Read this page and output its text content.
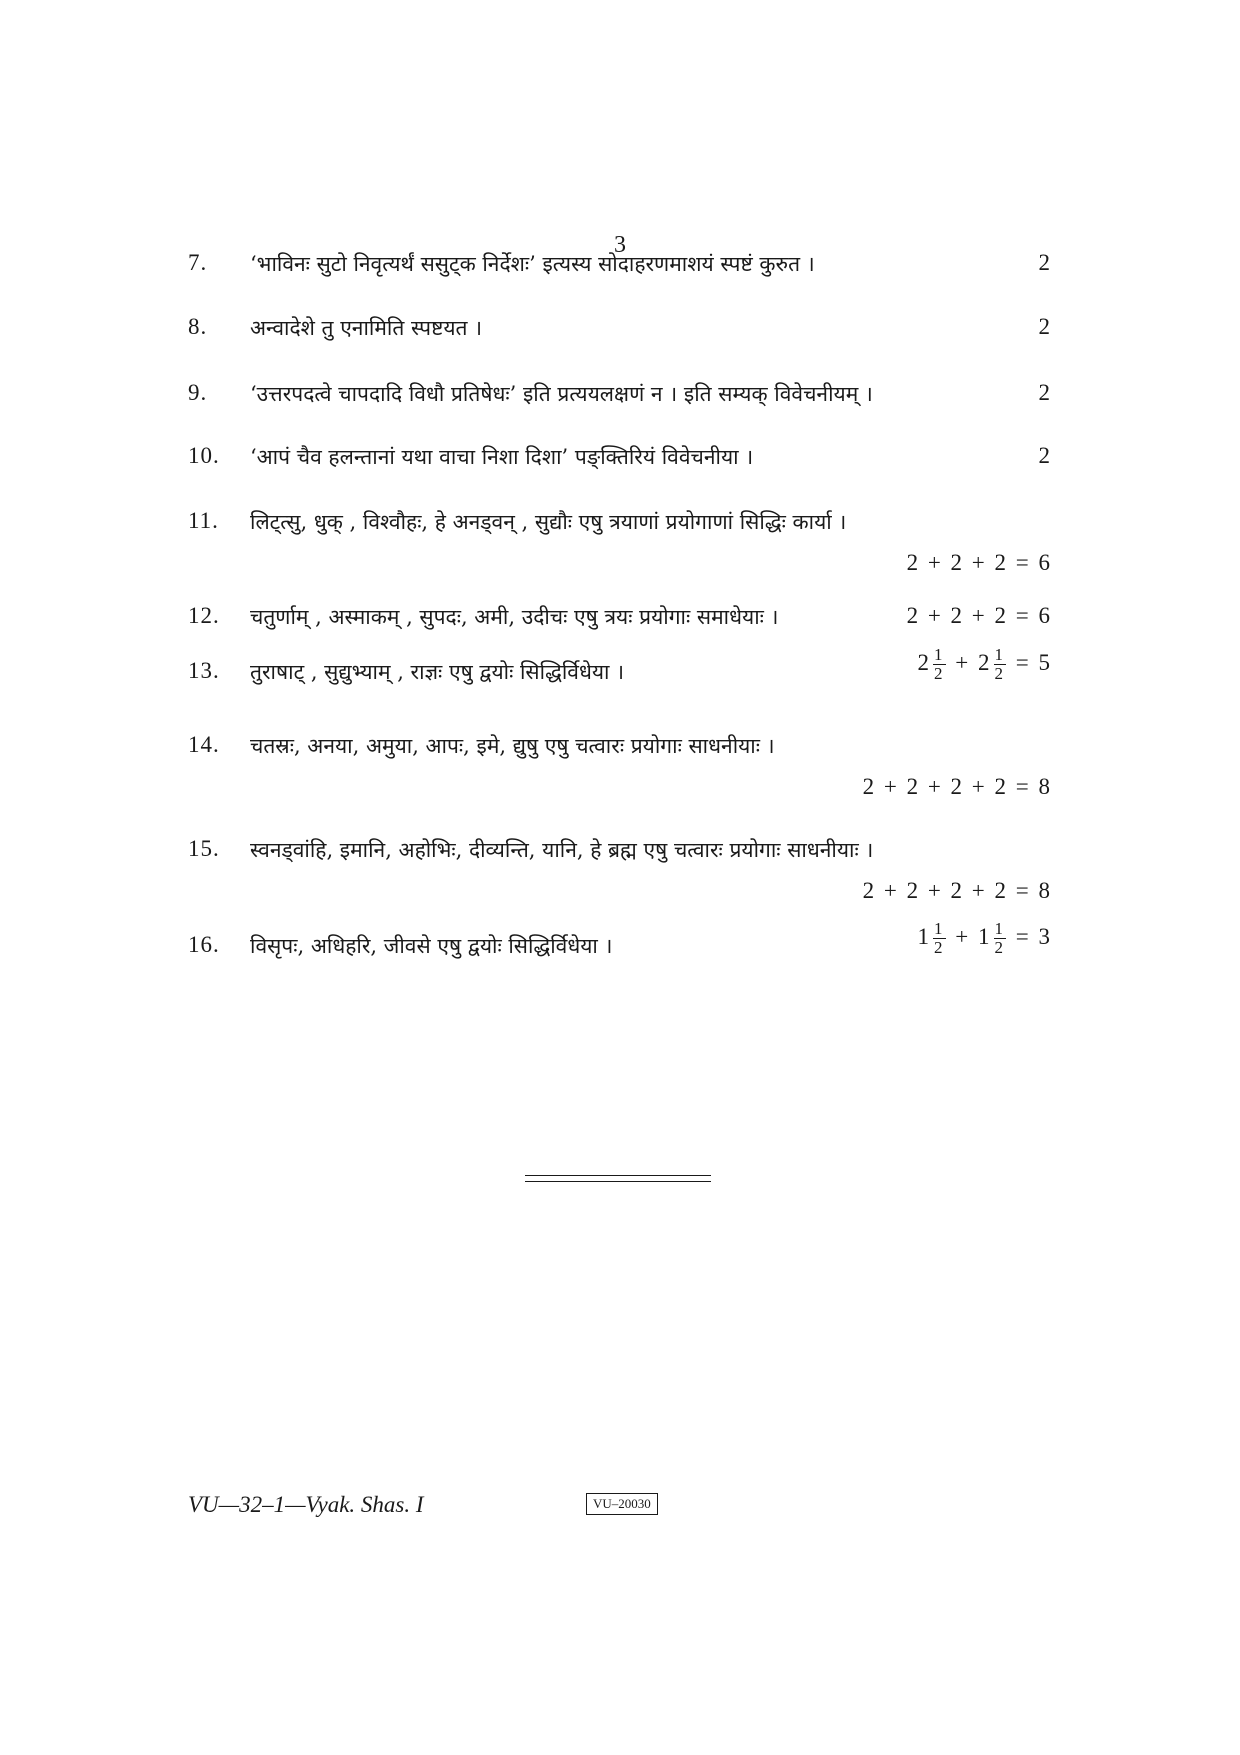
3
7. ‘भाविनः सुटो निवृत्यर्थं ससुट्क निर्देशः’ इत्यस्य सोदाहरणमाशयं स्पष्टं कुरुत ।	2
8. अन्वादेशे तु एनामिति स्पष्टयत ।	2
9. ‘उत्तरपदत्वे चापदादि विधौ प्रतिषेधः’ इति प्रत्ययलक्षणं न । इति सम्यक् विवेचनीयम् ।	2
10. ‘आपं चैव हलन्तानां यथा वाचा निशा दिशा’ पङ्क्तिरियं विवेचनीया ।	2
11. लिट्त्सु, धुक् , विश्वौहः, हे अनड्वन् , सुद्यौः एषु त्रयाणां प्रयोगाणां सिद्धिः कार्या ।
2 + 2 + 2 = 6
12. चतुर्णाम् , अस्माकम् , सुपदः, अमी, उदीचः एषु त्रयः प्रयोगाः समाधेयाः ।	2 + 2 + 2 = 6
13. तुराषाट् , सुद्युभ्याम् , राज्ञः एषु द्वयोः सिद्धिर्विधेया ।	$2 \frac{1}{2} + 2 \frac{1}{2} = 5$
14. चतस्रः, अनया, अमुया, आपः, इमे, द्युषु एषु चत्वारः प्रयोगाः साधनीयाः ।
2 + 2 + 2 + 2 = 8
15. स्वनड्वांहि, इमानि, अहोभिः, दीव्यन्ति, यानि, हे ब्रह्म एषु चत्वारः प्रयोगाः साधनीयाः ।
2 + 2 + 2 + 2 = 8
16. विसृपः, अधिहरि, जीवसे एषु द्वयोः सिद्धिर्विधेया ।	$1 \frac{1}{2} + 1 \frac{1}{2} = 3$
VU—32–1—Vyak. Shas. I	VU–20030
